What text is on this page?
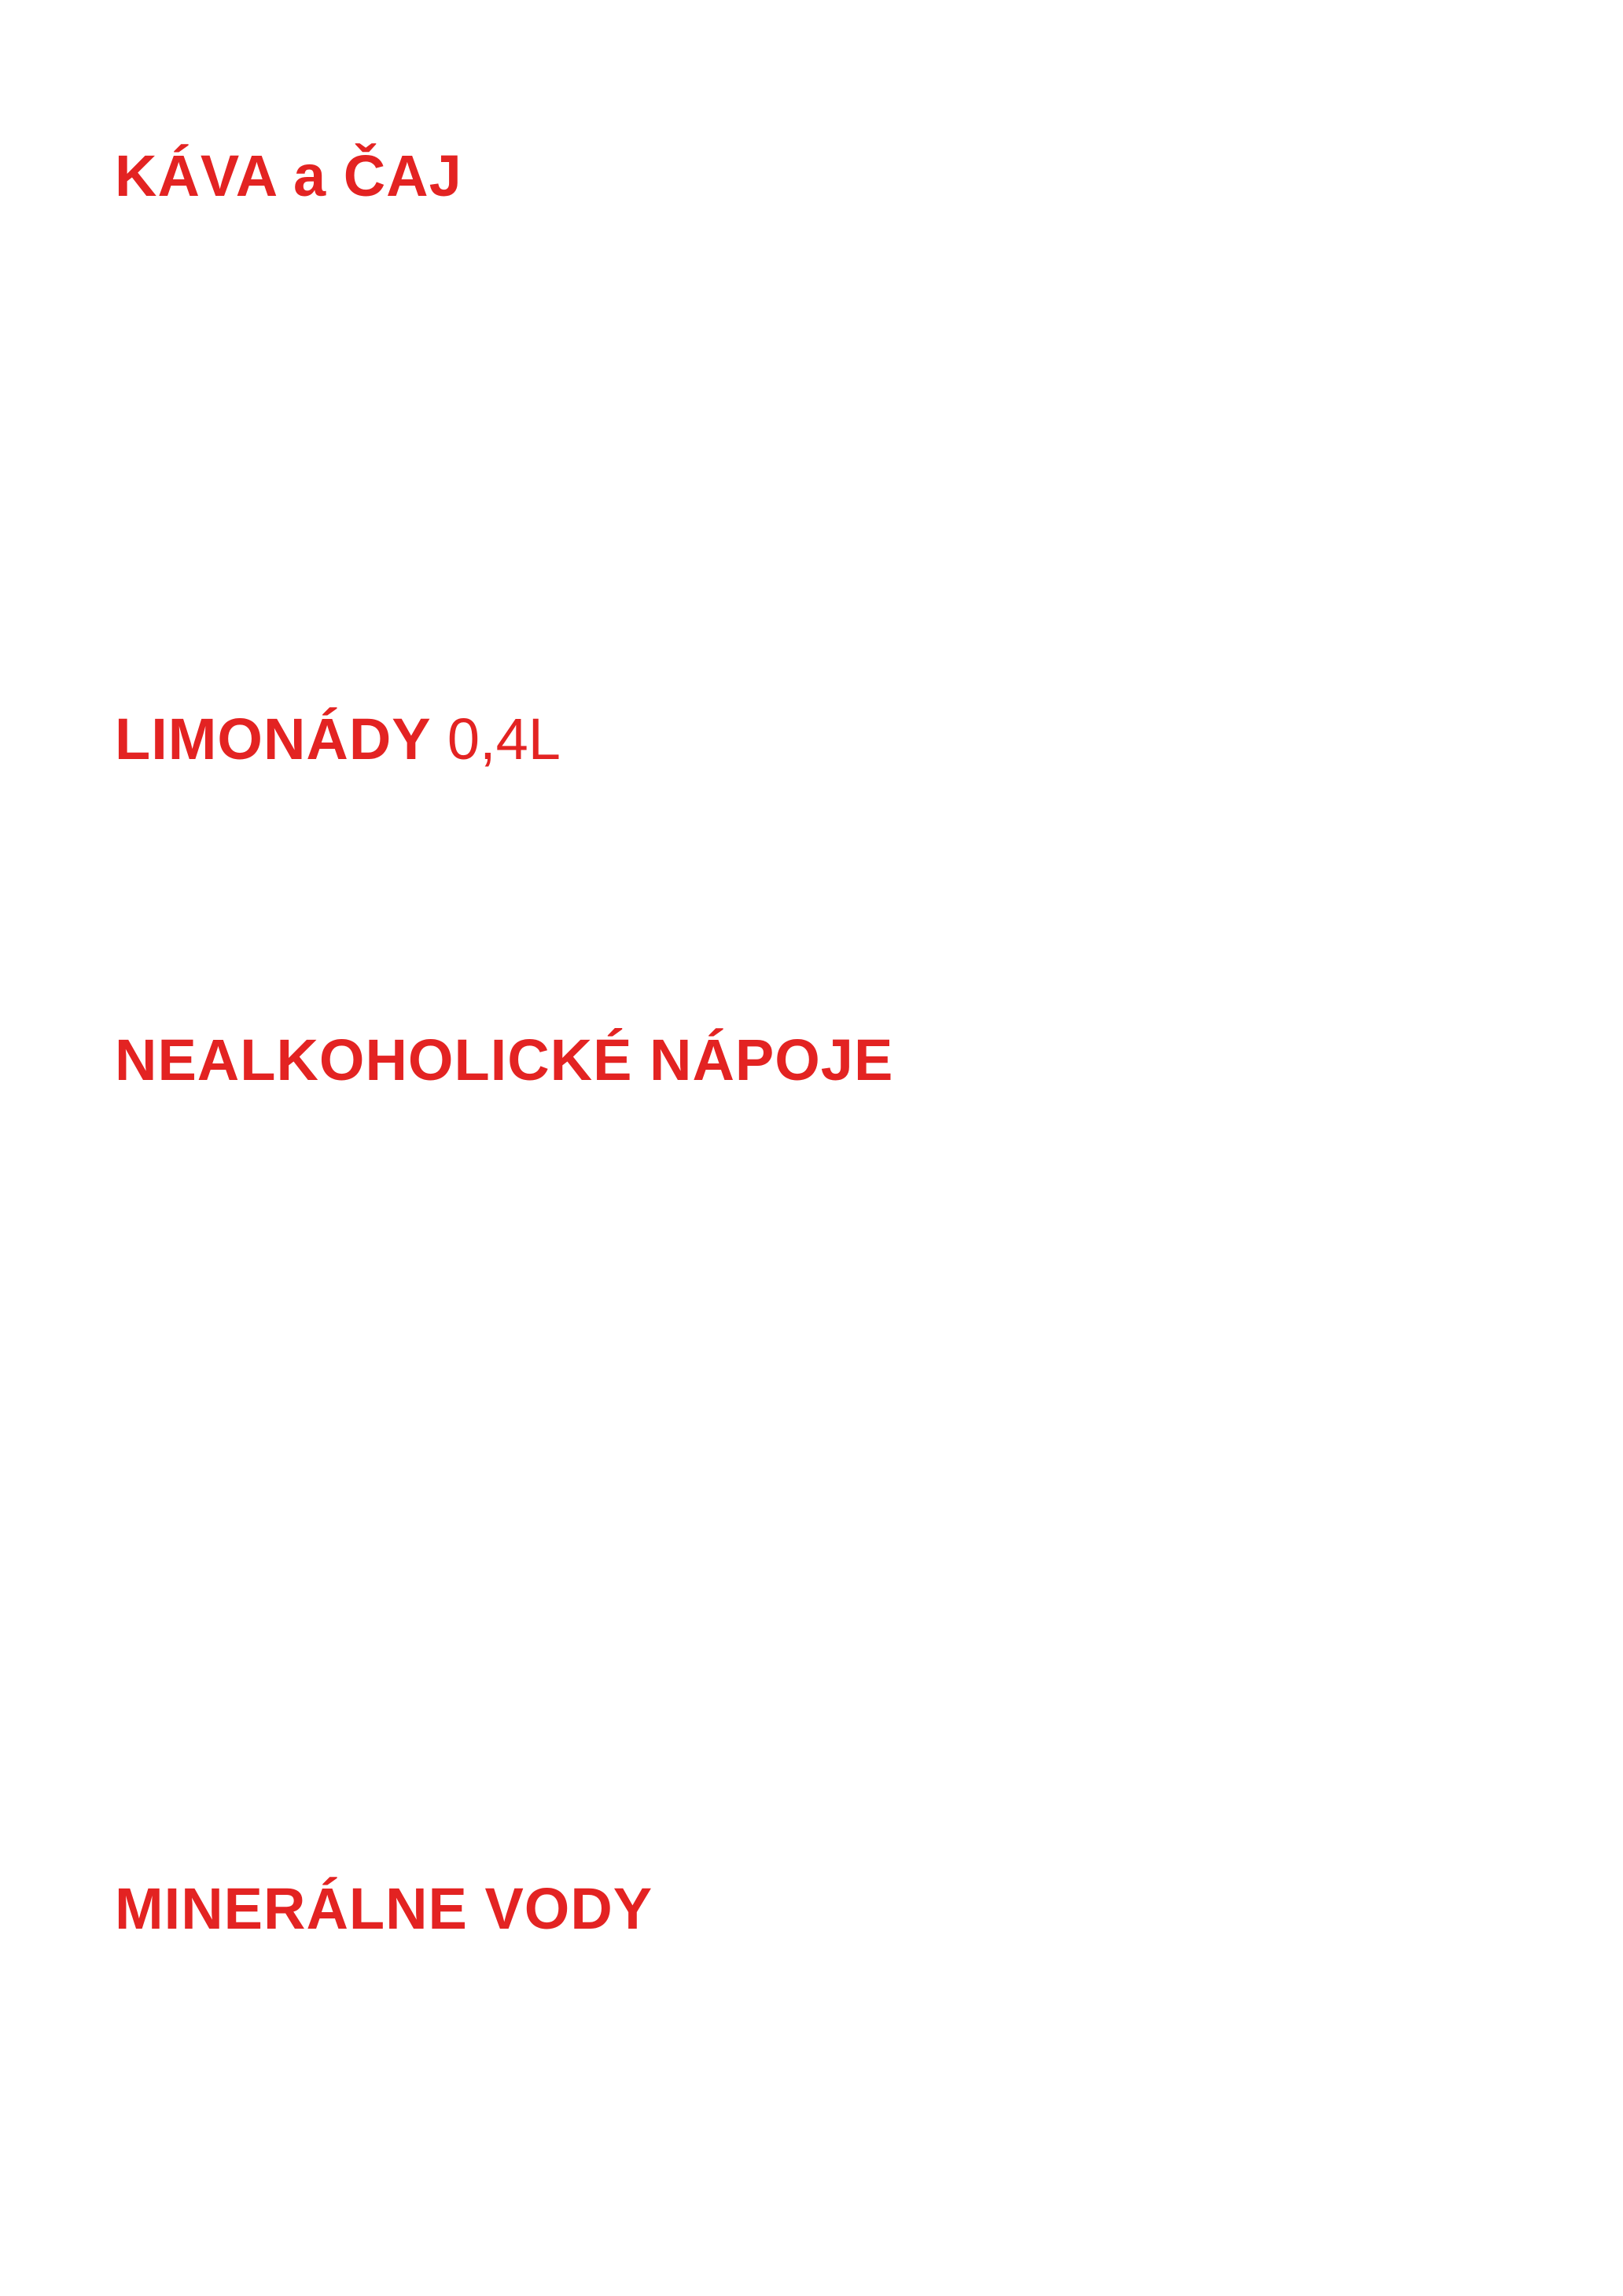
KÁVA a ČAJ
LIMONÁDY 0,4L
NEALKOHOLICKÉ NÁPOJE
MINERÁLNE VODY
